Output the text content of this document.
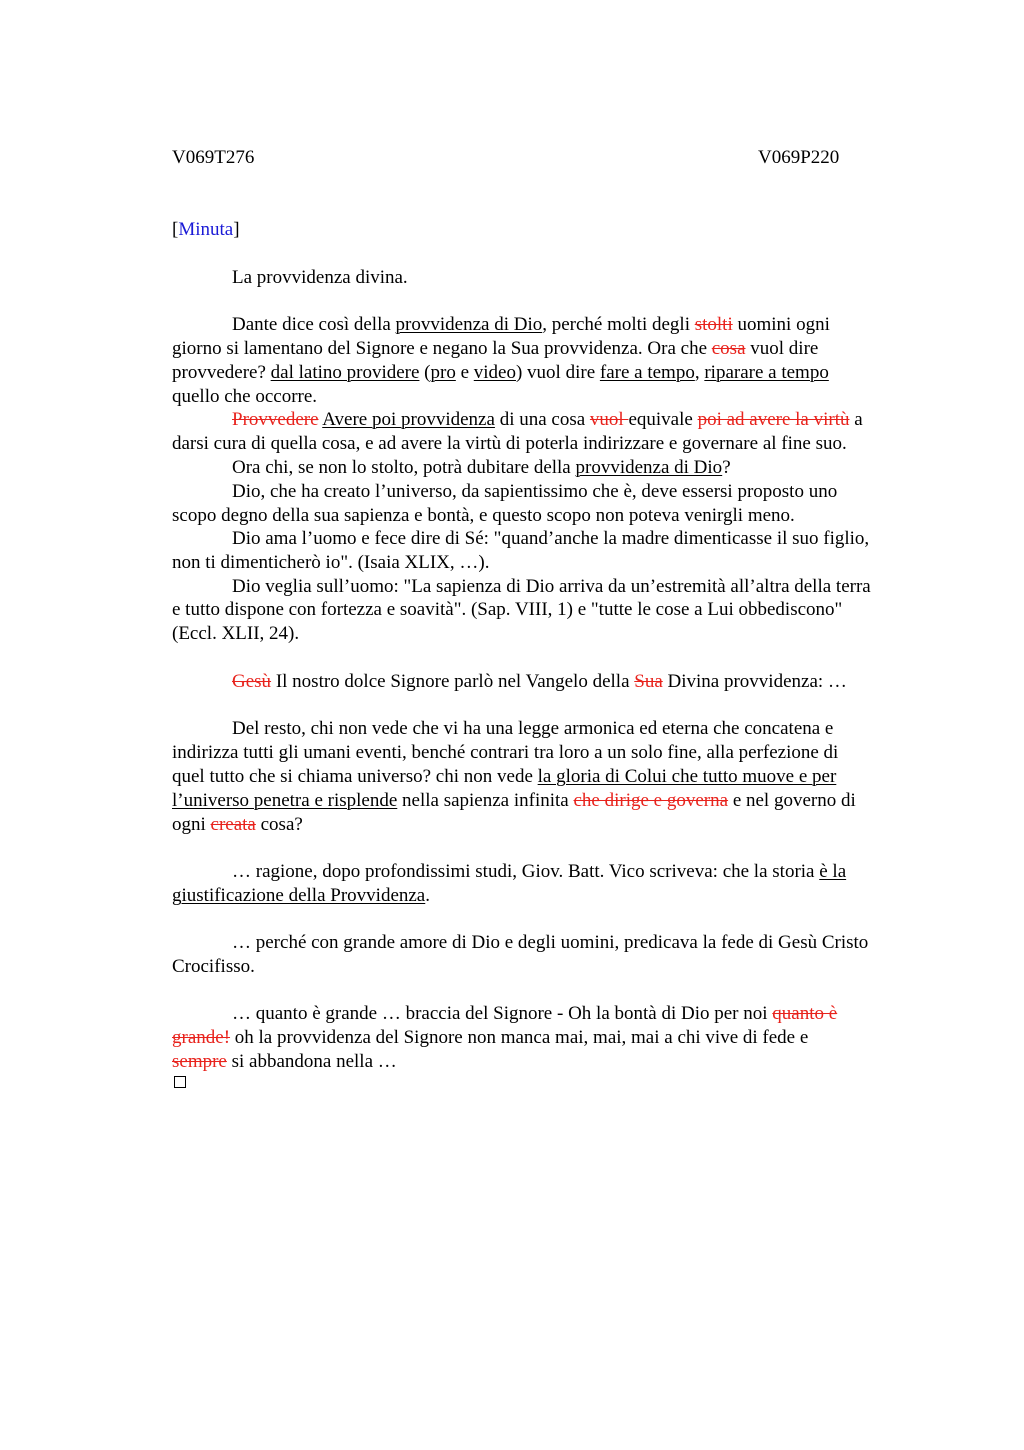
V069T276	V069P220
[Minuta]
La provvidenza divina.
Dante dice così della provvidenza di Dio, perché molti degli stolti uomini ogni
giorno si lamentano del Signore e negano la Sua provvidenza. Ora che cosa vuol dire
provvedere? dal latino providere (pro e video) vuol dire fare a tempo, riparare a tempo
quello che occorre.
Provvedere Avere poi provvidenza di una cosa vuol equivale poi ad avere la virtù a
darsi cura di quella cosa, e ad avere la virtù di poterla indirizzare e governare al fine suo.
Ora chi, se non lo stolto, potrà dubitare della provvidenza di Dio?
Dio, che ha creato l’universo, da sapientissimo che è, deve essersi proposto uno
scopo degno della sua sapienza e bontà, e questo scopo non poteva venirgli meno.
Dio ama l’uomo e fece dire di Sé: "quand’anche la madre dimenticasse il suo figlio,
non ti dimenticherò io". (Isaia XLIX, …).
Dio veglia sull’uomo: "La sapienza di Dio arriva da un’estremità all’altra della terra
e tutto dispone con fortezza e soavità". (Sap. VIII, 1) e "tutte le cose a Lui obbediscono"
(Eccl. XLII, 24).
Gesù Il nostro dolce Signore parlò nel Vangelo della Sua Divina provvidenza: …
Del resto, chi non vede che vi ha una legge armonica ed eterna che concatena e
indirizza tutti gli umani eventi, benché contrari tra loro a un solo fine, alla perfezione di
quel tutto che si chiama universo? chi non vede la gloria di Colui che tutto muove e per
l’universo penetra e risplende nella sapienza infinita che dirige e governa e nel governo di
ogni creata cosa?
… ragione, dopo profondissimi studi, Giov. Batt. Vico scriveva: che la storia è la
giustificazione della Provvidenza.
… perché con grande amore di Dio e degli uomini, predicava la fede di Gesù Cristo
Crocifisso.
… quanto è grande … braccia del Signore - Oh la bontà di Dio per noi quanto è
grande! oh la provvidenza del Signore non manca mai, mai, mai a chi vive di fede e
sempre si abbandona nella …
